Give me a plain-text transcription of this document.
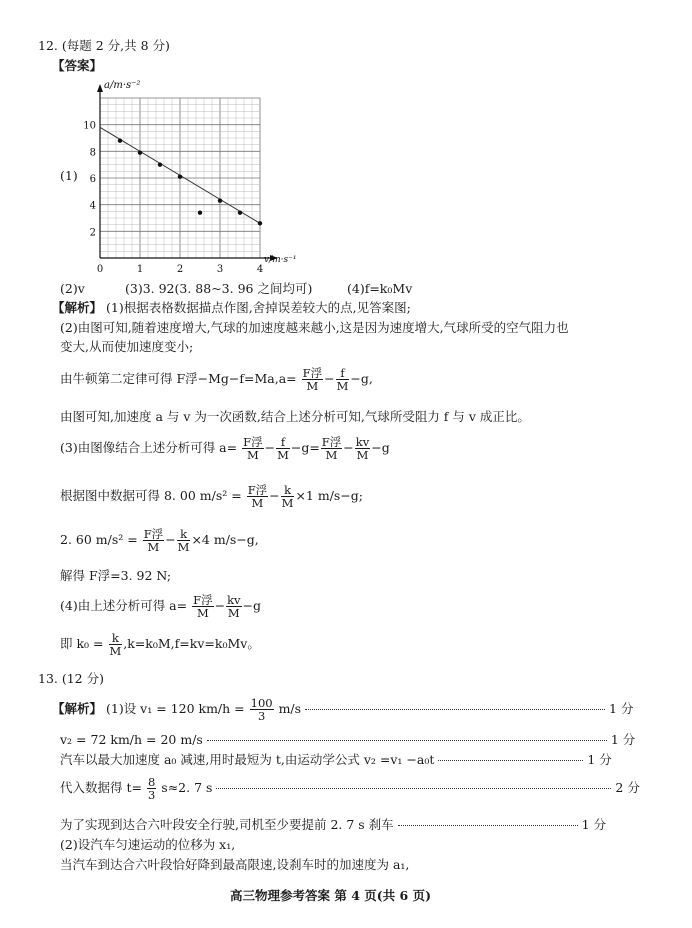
12. (每题 2 分,共 8 分)
【答案】
0	1	2	3	4
2
4
6
8
10
a/m·s⁻²
v/m·s⁻¹
(1)
(2)v	(3)3. 92(3. 88~3. 96 之间均可)	(4)f=k₀Mv
【解析】 (1)根据表格数据描点作图,舍掉误差较大的点,见答案图;
(2)由图可知,随着速度增大,气球的加速度越来越小,这是因为速度增大,气球所受的空气阻力也
变大,从而使加速度变小;
由牛顿第二定律可得 F浮$-Mg-f=Ma,a= \frac{\text{F浮}}{M} - \frac{f}{M} -g$,
由图可知,加速度 a 与 v 为一次函数,结合上述分析可知,气球所受阻力 f 与 v 成正比。
(3)由图像结合上述分析可得 $a= \frac{\text{F浮}}{M} - \frac{f}{M} -g= \frac{\text{F浮}}{M} - \frac{kv}{M} -g$
根据图中数据可得 8. 00 $m/s^2 = \frac{\text{F浮}}{M} - \frac{k}{M} \times 1$ m/s−g;
2. 60 $m/s^2 = \frac{\text{F浮}}{M} - \frac{k}{M} \times 4$ m/s−g,
解得 F浮=3. 92 N;
(4)由上述分析可得 $a= \frac{\text{F浮}}{M} - \frac{kv}{M} -g$
即 $k_0 = \frac{k}{M} ,k=k_0M,f=kv=k_0Mv$。
13. (12 分)
【解析】 (1)设 v₁ = 120 $km/h = \frac{100}{3} m/s$	1 分
v₂ = 72 km/h = 20 m/s	1 分
汽车以最大加速度 a₀ 减速,用时最短为 t,由运动学公式 v₂ =v₁ −a₀t	1 分
代入数据得 $t= \frac{8}{3} s\approx 2$. 7 s	2 分
为了实现到达合六叶段安全行驶,司机至少要提前 2. 7 s 刹车	1 分
(2)设汽车匀速运动的位移为 x₁,
当汽车到达合六叶段恰好降到最高限速,设刹车时的加速度为 a₁,
高三物理参考答案 第 4 页(共 6 页)
